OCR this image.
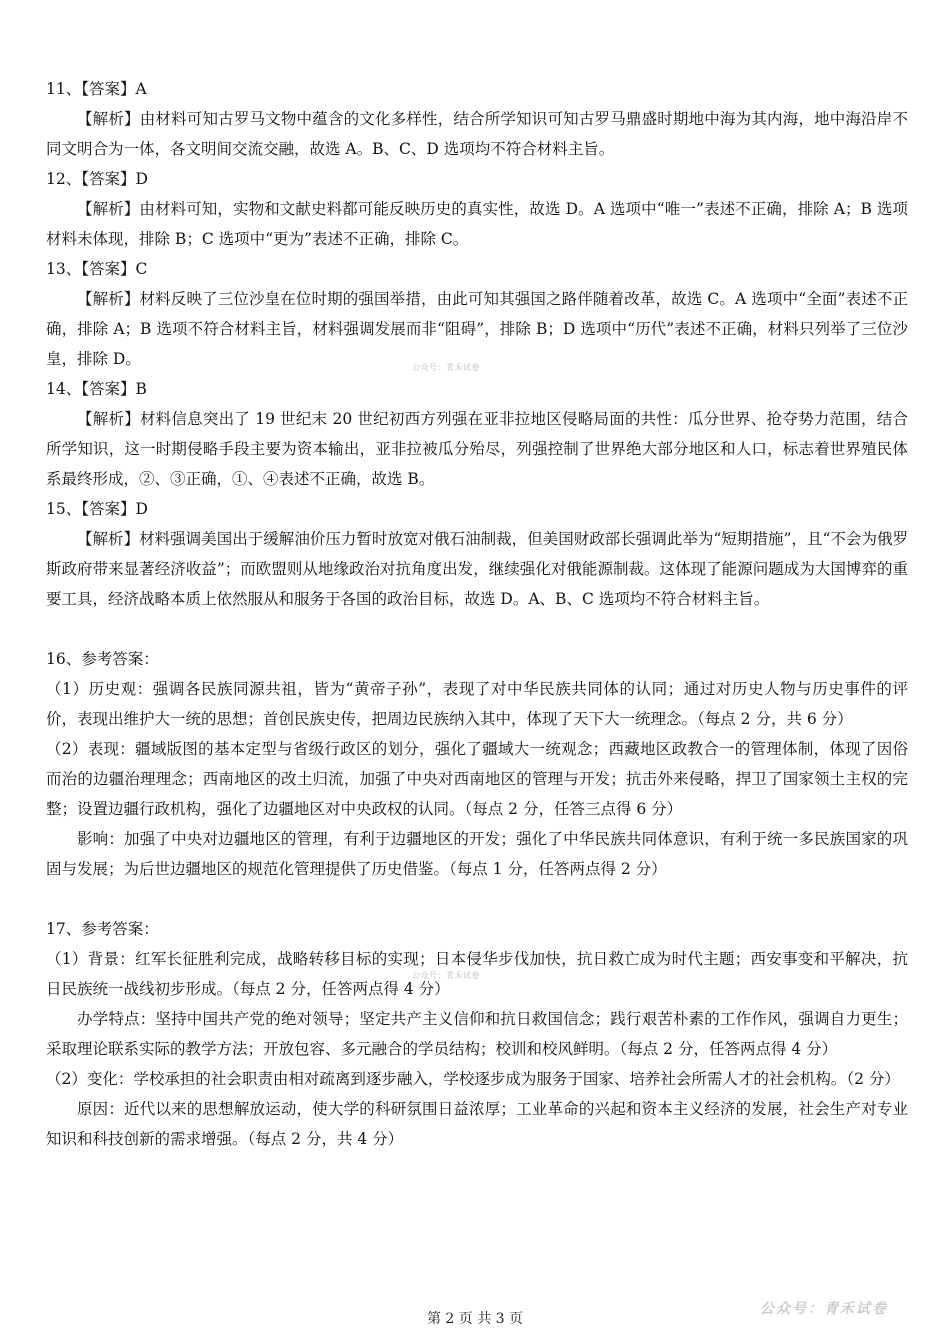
11、【答案】A

【解析】由材料可知古罗马文物中蕴含的文化多样性，结合所学知识可知古罗马鼎盛时期地中海为其内海，地中海沿岸不同文明合为一体，各文明间交流交融，故选 A。B、C、D 选项均不符合材料主旨。

12、【答案】D

【解析】由材料可知，实物和文献史料都可能反映历史的真实性，故选 D。A 选项中“唯一”表述不正确，排除 A；B 选项材料未体现，排除 B；C 选项中“更为”表述不正确，排除 C。

13、【答案】C

【解析】材料反映了三位沙皇在位时期的强国举措，由此可知其强国之路伴随着改革，故选 C。A 选项中“全面”表述不正确，排除 A；B 选项不符合材料主旨，材料强调发展而非“阻碍”，排除 B；D 选项中“历代”表述不正确，材料只列举了三位沙皇，排除 D。

14、【答案】B

【解析】材料信息突出了 19 世纪末 20 世纪初西方列强在亚非拉地区侵略局面的共性：瓜分世界、抢夺势力范围，结合所学知识，这一时期侵略手段主要为资本输出，亚非拉被瓜分殆尽，列强控制了世界绝大部分地区和人口，标志着世界殖民体系最终形成，②、③正确，①、④表述不正确，故选 B。

15、【答案】D

【解析】材料强调美国出于缓解油价压力暂时放宽对俄石油制裁，但美国财政部长强调此举为“短期措施”，且“不会为俄罗斯政府带来显著经济收益”；而欧盟则从地缘政治对抗角度出发，继续强化对俄能源制裁。这体现了能源问题成为大国博弈的重要工具，经济战略本质上依然服从和服务于各国的政治目标，故选 D。A、B、C 选项均不符合材料主旨。

16、参考答案：

（1）历史观：强调各民族同源共祖，皆为“黄帝子孙”，表现了对中华民族共同体的认同；通过对历史人物与历史事件的评价，表现出维护大一统的思想；首创民族史传，把周边民族纳入其中，体现了天下大一统理念。（每点 2 分，共 6 分）

（2）表现：疆域版图的基本定型与省级行政区的划分，强化了疆域大一统观念；西藏地区政教合一的管理体制，体现了因俗而治的边疆治理理念；西南地区的改土归流，加强了中央对西南地区的管理与开发；抗击外来侵略，捍卫了国家领土主权的完整；设置边疆行政机构，强化了边疆地区对中央政权的认同。（每点 2 分，任答三点得 6 分）

影响：加强了中央对边疆地区的管理，有利于边疆地区的开发；强化了中华民族共同体意识，有利于统一多民族国家的巩固与发展；为后世边疆地区的规范化管理提供了历史借鉴。（每点 1 分，任答两点得 2 分）

17、参考答案：

（1）背景：红军长征胜利完成，战略转移目标的实现；日本侵华步伐加快，抗日救亡成为时代主题；西安事变和平解决，抗日民族统一战线初步形成。（每点 2 分，任答两点得 4 分）

办学特点：坚持中国共产党的绝对领导；坚定共产主义信仰和抗日救国信念；践行艰苦朴素的工作作风，强调自力更生；采取理论联系实际的教学方法；开放包容、多元融合的学员结构；校训和校风鲜明。（每点 2 分，任答两点得 4 分）

（2）变化：学校承担的社会职责由相对疏离到逐步融入，学校逐步成为服务于国家、培养社会所需人才的社会机构。（2 分）

原因：近代以来的思想解放运动，使大学的科研氛围日益浓厚；工业革命的兴起和资本主义经济的发展，社会生产对专业知识和科技创新的需求增强。（每点 2 分，共 4 分）

公众号：青禾试卷
公众号：青禾试卷
第 2 页 共 3 页
公众号：青禾试卷
